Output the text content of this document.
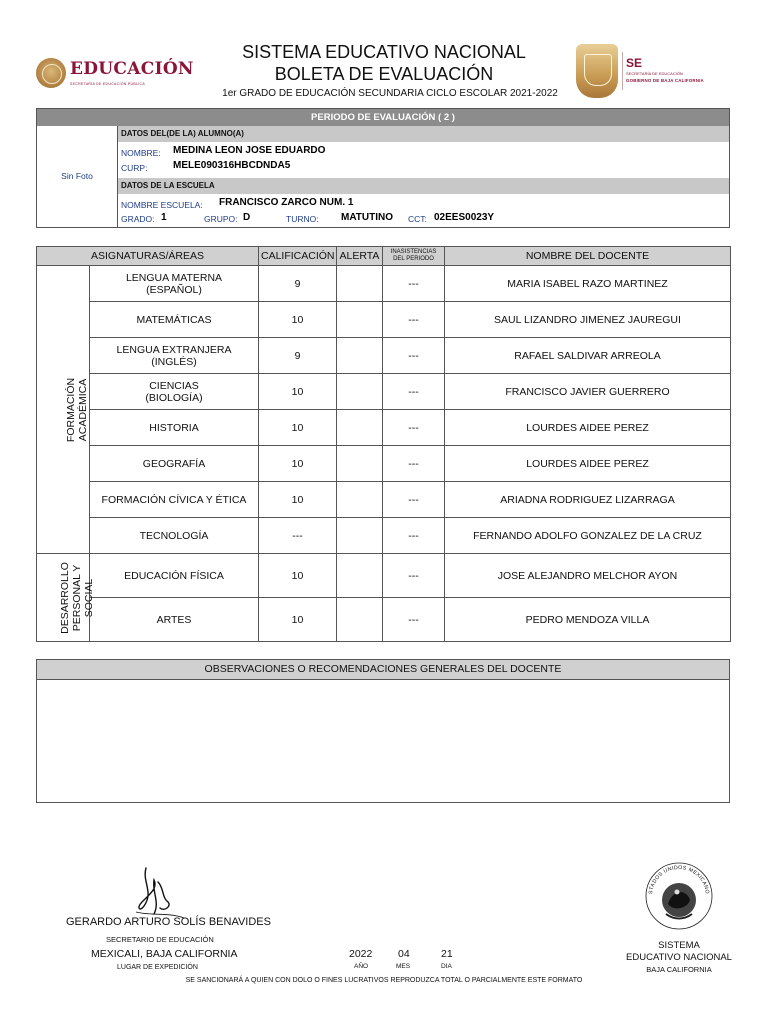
EDUCACIÓN
SECRETARÍA DE EDUCACIÓN PÚBLICA
SISTEMA EDUCATIVO NACIONAL
BOLETA DE EVALUACIÓN
1er GRADO DE EDUCACIÓN SECUNDARIA CICLO ESCOLAR 2021-2022
SE
SECRETARÍA DE EDUCACIÓN
GOBIERNO DE BAJA CALIFORNIA
PERIODO DE EVALUACIÓN ( 2 )
Sin Foto
DATOS DEL(DE LA) ALUMNO(A)
NOMBRE: MEDINA LEON JOSE EDUARDO
CURP:	MELE090316HBCDNDA5
DATOS DE LA ESCUELA
NOMBRE ESCUELA: FRANCISCO ZARCO NUM. 1
GRADO: 1	GRUPO: D	TURNO: MATUTINO CCT: 02EES0023Y
ASIGNATURAS/ÁREAS		CALIFICACIÓN	ALERTA	INASISTENCIAS
DEL PERIODO	NOMBRE DEL DOCENTE
FORMACIÓN ACADÉMICA	LENGUA MATERNA
(ESPAÑOL)	9		---	MARIA ISABEL RAZO MARTINEZ
	MATEMÁTICAS	10		---	SAUL LIZANDRO JIMENEZ JAUREGUI
	LENGUA EXTRANJERA
(INGLÉS)	9		---	RAFAEL SALDIVAR ARREOLA
	CIENCIAS
(BIOLOGÍA)	10		---	FRANCISCO JAVIER GUERRERO
	HISTORIA	10		---	LOURDES AIDEE PEREZ
	GEOGRAFÍA	10		---	LOURDES AIDEE PEREZ
	FORMACIÓN CÍVICA Y ÉTICA	10		---	ARIADNA RODRIGUEZ LIZARRAGA
	TECNOLOGÍA	---		---	FERNANDO ADOLFO GONZALEZ DE LA CRUZ
DESARROLLO PERSONAL Y SOCIAL	EDUCACIÓN FÍSICA	10		---	JOSE ALEJANDRO MELCHOR AYON
	ARTES	10		---	PEDRO MENDOZA VILLA
OBSERVACIONES O RECOMENDACIONES GENERALES DEL DOCENTE
GERARDO ARTURO SOLÍS BENAVIDES
SECRETARIO DE EDUCACIÓN
MEXICALI, BAJA CALIFORNIA
LUGAR DE EXPEDICIÓN
2022 04	21
AÑO	MES	DIA
SE SANCIONARÁ A QUIEN CON DOLO O FINES LUCRATIVOS REPRODUZCA TOTAL O PARCIALMENTE ESTE FORMATO
STADOS UNIDOS MEXICANO
SISTEMA
EDUCATIVO NACIONAL
BAJA CALIFORNIA
